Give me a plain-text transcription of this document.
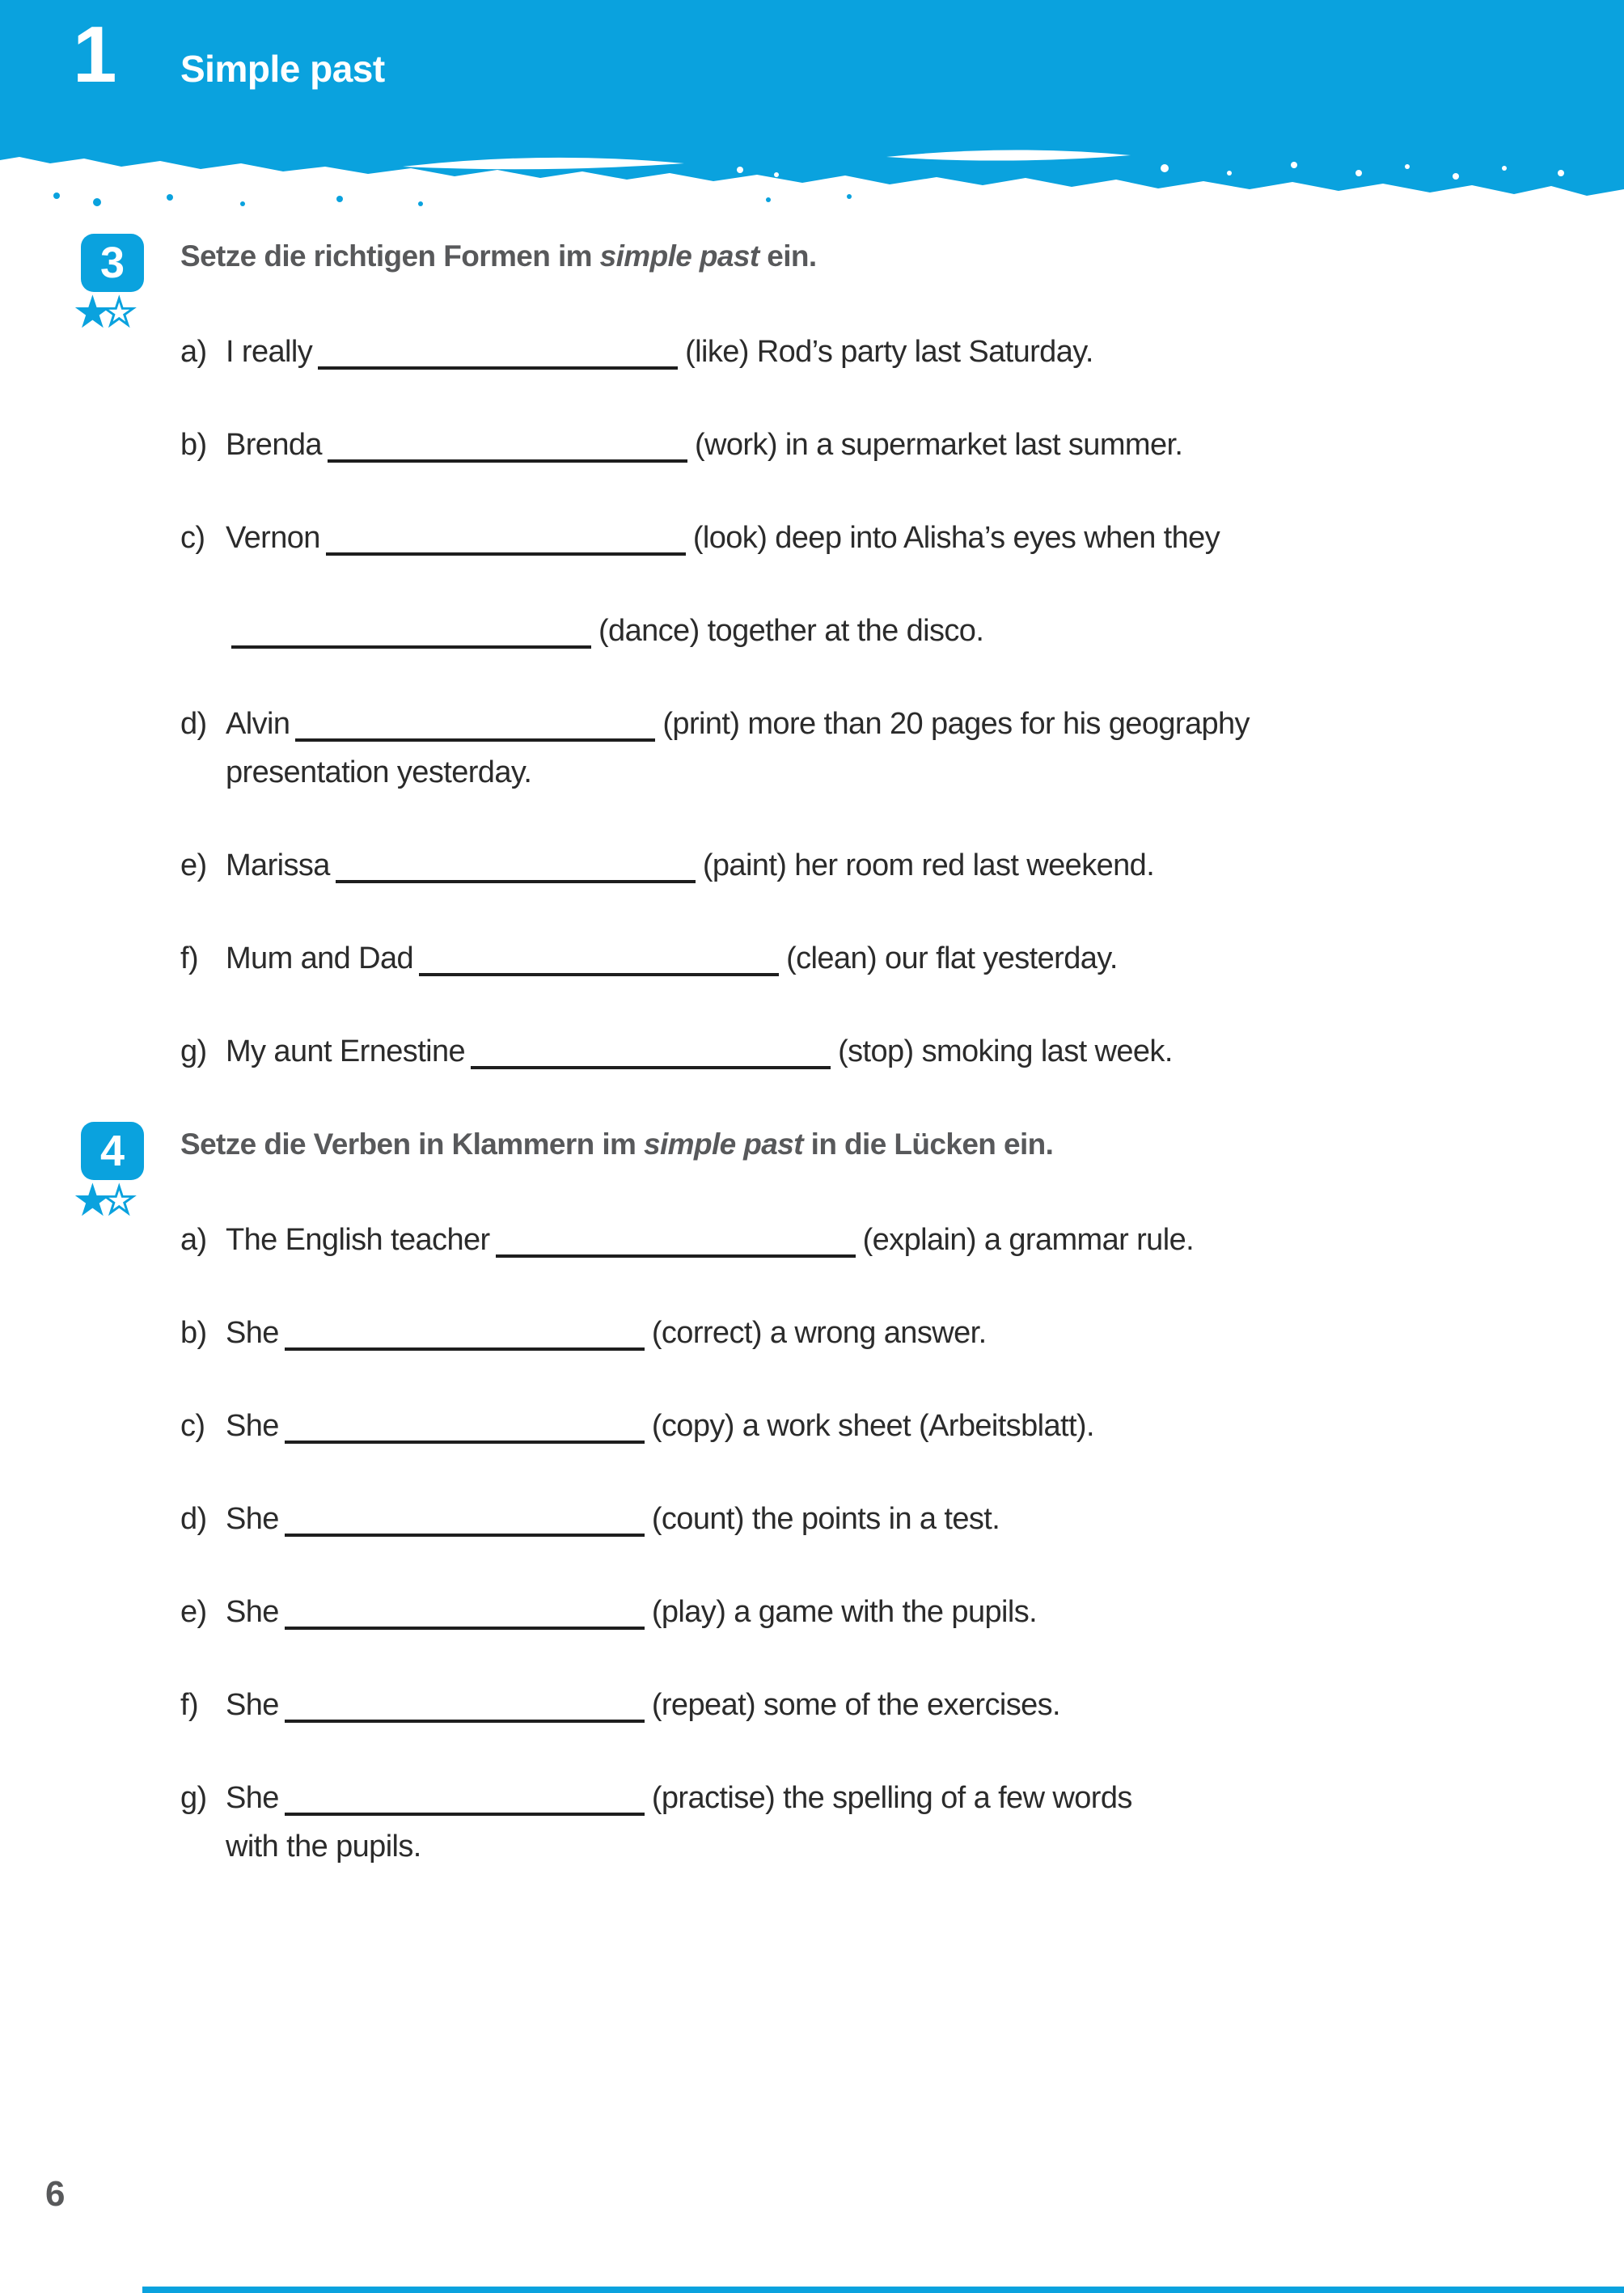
1 Simple past
3
★☆
Setze die richtigen Formen im simple past ein.
a) I really	(like) Rod’s party last Saturday.
b) Brenda	(work) in a supermarket last summer.
c) Vernon	(look) deep into Alisha’s eyes when they
(dance) together at the disco.
d) Alvin	(print) more than 20 pages for his geography
presentation yesterday.
e) Marissa	(paint) her room red last weekend.
f) Mum and Dad	(clean) our flat yesterday.
g) My aunt Ernestine	(stop) smoking last week.
4
★☆
Setze die Verben in Klammern im simple past in die Lücken ein.
a) The English teacher	(explain) a grammar rule.
b) She	(correct) a wrong answer.
c) She	(copy) a work sheet (Arbeitsblatt).
d) She	(count) the points in a test.
e) She	(play) a game with the pupils.
f) She	(repeat) some of the exercises.
g) She	(practise) the spelling of a few words
with the pupils.
6
